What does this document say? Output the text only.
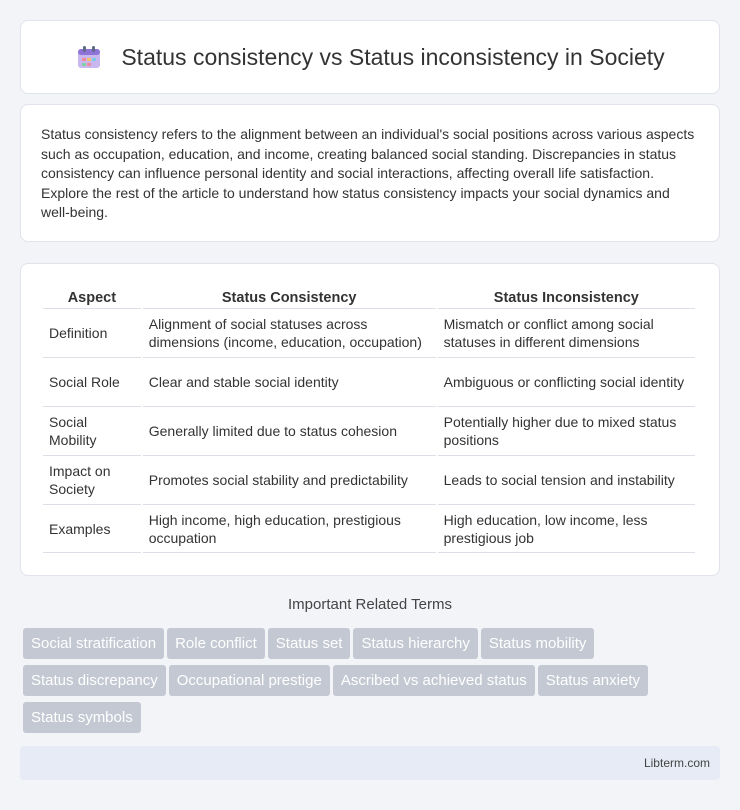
Status consistency vs Status inconsistency in Society

Status consistency refers to the alignment between an individual's social positions across various aspects such as occupation, education, and income, creating balanced social standing. Discrepancies in status consistency can influence personal identity and social interactions, affecting overall life satisfaction. Explore the rest of the article to understand how status consistency impacts your social dynamics and well-being.

Aspect	Status Consistency	Status Inconsistency
Definition	Alignment of social statuses across dimensions (income, education, occupation)	Mismatch or conflict among social statuses in different dimensions
Social Role	Clear and stable social identity	Ambiguous or conflicting social identity
Social Mobility	Generally limited due to status cohesion	Potentially higher due to mixed status positions
Impact on Society	Promotes social stability and predictability	Leads to social tension and instability
Examples	High income, high education, prestigious occupation	High education, low income, less prestigious job
Important Related Terms
Social stratification Role conflict Status set Status hierarchy Status mobility
Status discrepancy Occupational prestige Ascribed vs achieved status Status anxiety
Status symbols
Libterm.com
